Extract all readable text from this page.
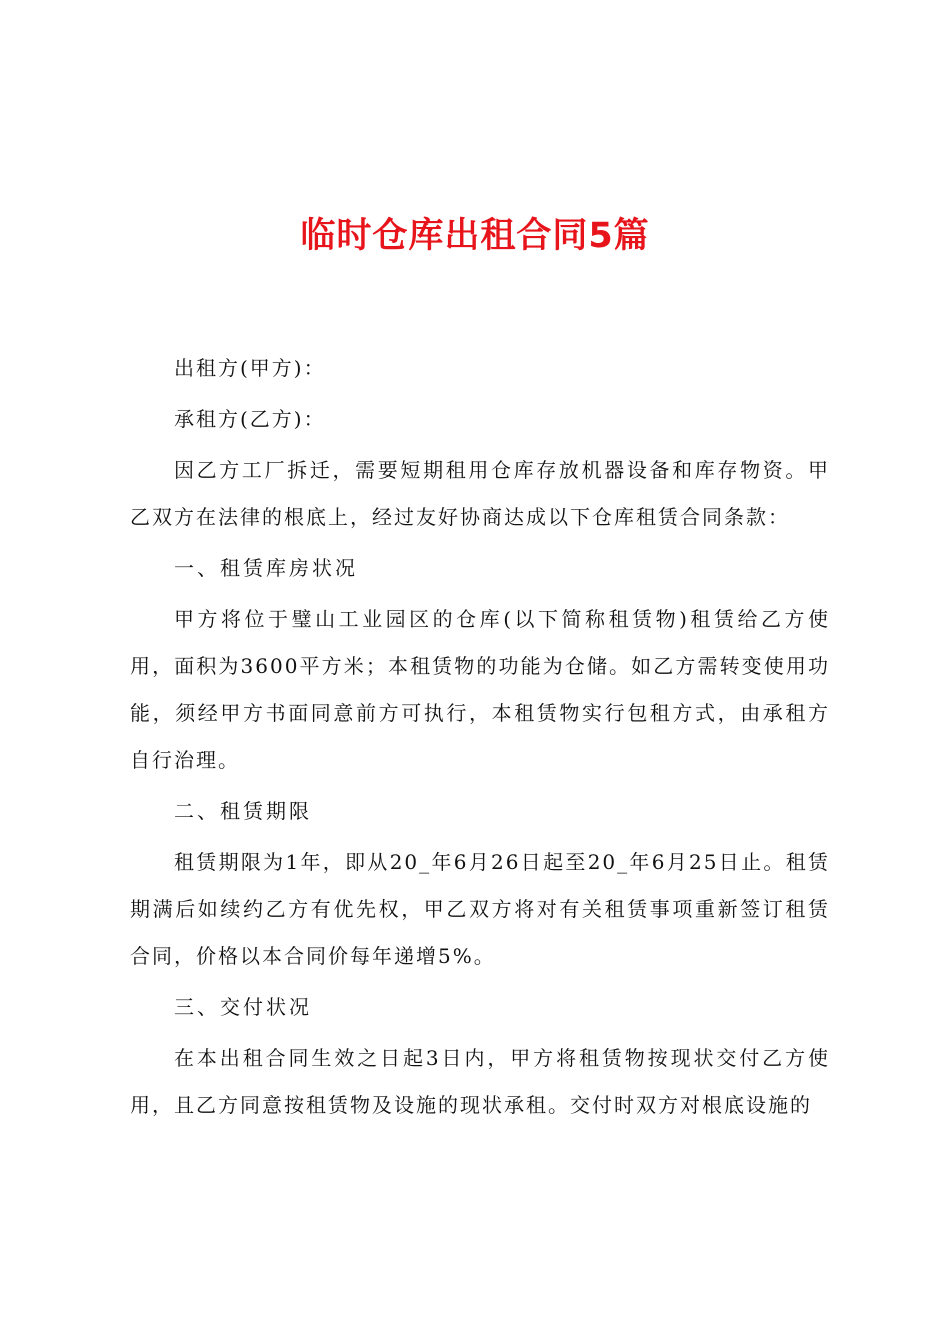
临时仓库出租合同5篇

出租方(甲方)：

承租方(乙方)：

因乙方工厂拆迁，需要短期租用仓库存放机器设备和库存物资。甲乙双方在法律的根底上，经过友好协商达成以下仓库租赁合同条款：

一、租赁库房状况

甲方将位于璧山工业园区的仓库(以下简称租赁物)租赁给乙方使用，面积为3600平方米；本租赁物的功能为仓储。如乙方需转变使用功能，须经甲方书面同意前方可执行，本租赁物实行包租方式，由承租方自行治理。

二、租赁期限

租赁期限为1年，即从20_年6月26日起至20_年6月25日止。租赁期满后如续约乙方有优先权，甲乙双方将对有关租赁事项重新签订租赁合同，价格以本合同价每年递增5%。

三、交付状况

在本出租合同生效之日起3日内，甲方将租赁物按现状交付乙方使用，且乙方同意按租赁物及设施的现状承租。交付时双方对根底设施的
